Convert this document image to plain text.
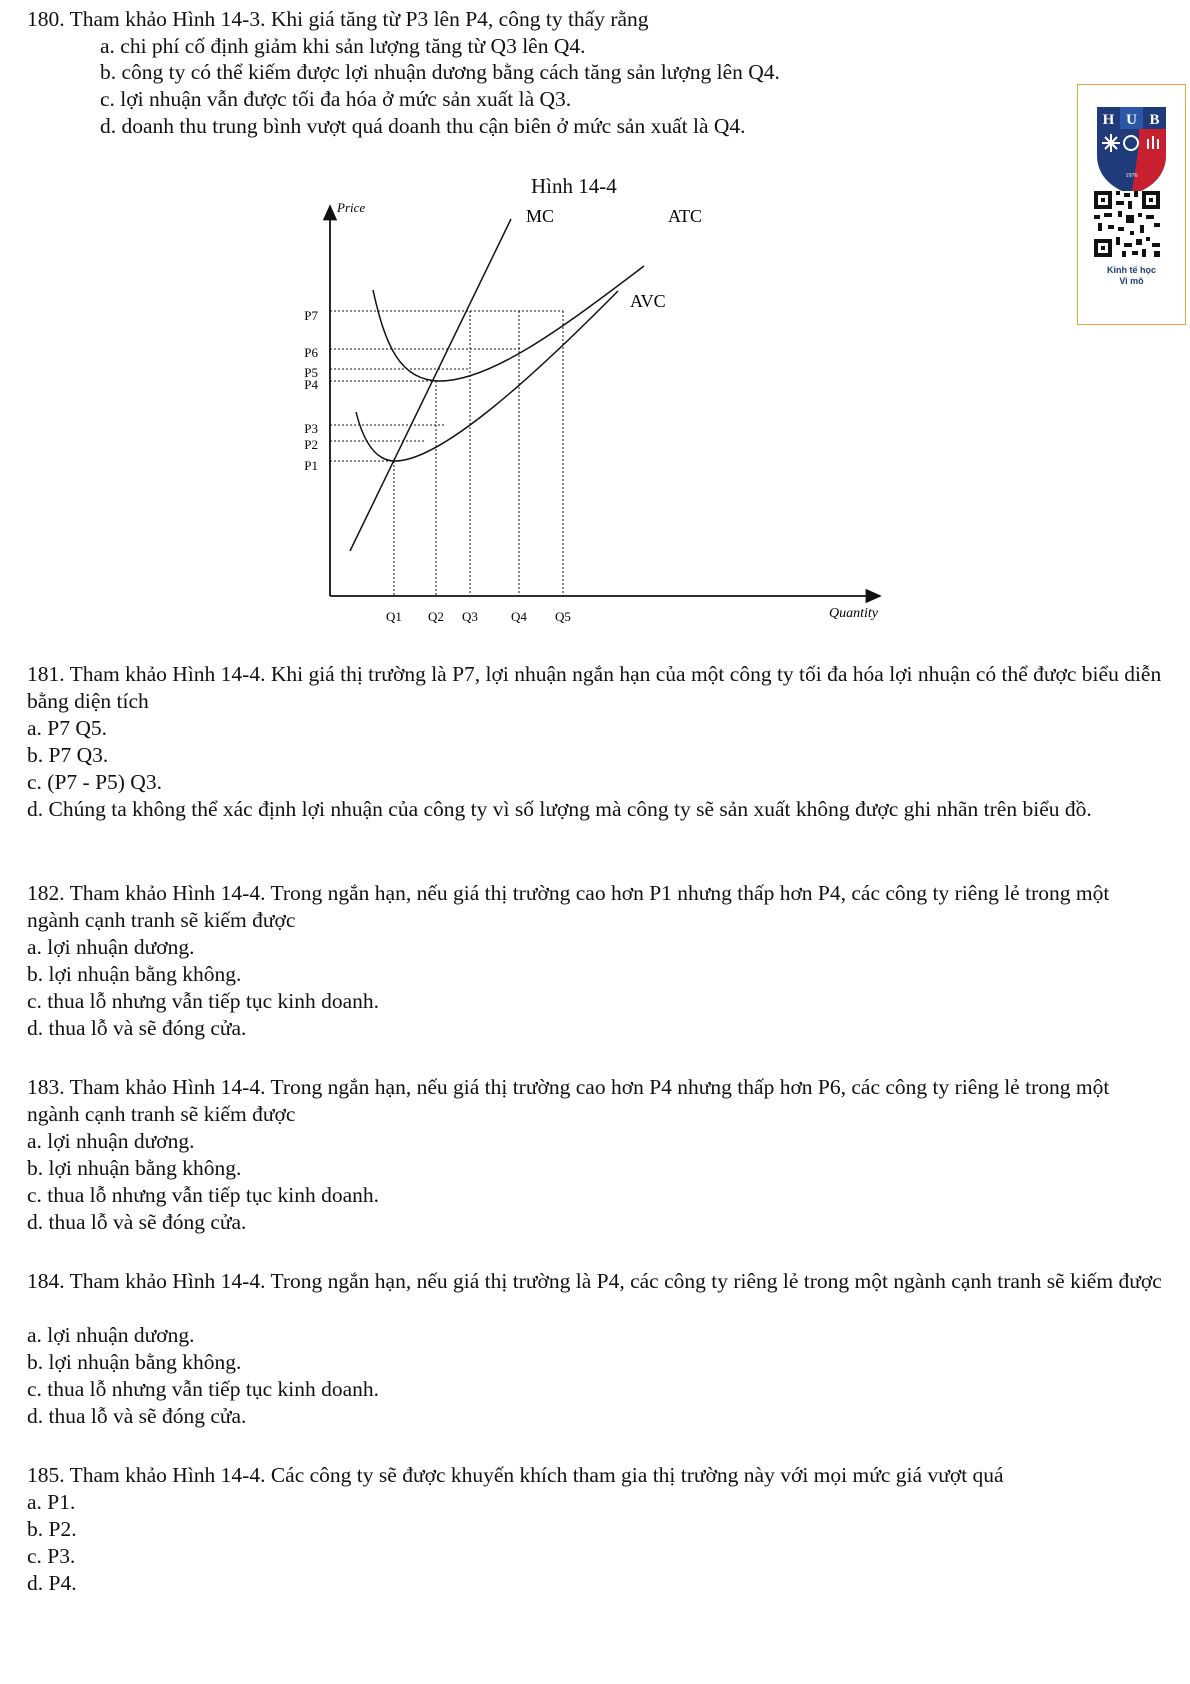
180. Tham khảo Hình 14-3. Khi giá tăng từ P3 lên P4, công ty thấy rằng
a. chi phí cố định giảm khi sản lượng tăng từ Q3 lên Q4.
b. công ty có thể kiếm được lợi nhuận dương bằng cách tăng sản lượng lên Q4.
c. lợi nhuận vẫn được tối đa hóa ở mức sản xuất là Q3.
d. doanh thu trung bình vượt quá doanh thu cận biên ở mức sản xuất là Q4.	H U B
1976
Kinh tế học
Vi mô
Hình 14-4
Price
Quantity
MC	ATC
AVC
P7
P6
P5
P4
P3
P2
P1
Q1 Q2 Q3	Q4 Q5
181. Tham khảo Hình 14-4. Khi giá thị trường là P7, lợi nhuận ngắn hạn của một công ty tối đa hóa lợi nhuận có thể được biểu diễn bằng diện tích
a. P7 Q5.
b. P7 Q3.
c. (P7 - P5) Q3.
d. Chúng ta không thể xác định lợi nhuận của công ty vì số lượng mà công ty sẽ sản xuất không được ghi nhãn trên biểu đồ.
182. Tham khảo Hình 14-4. Trong ngắn hạn, nếu giá thị trường cao hơn P1 nhưng thấp hơn P4, các công ty riêng lẻ trong một ngành cạnh tranh sẽ kiếm được
a. lợi nhuận dương.
b. lợi nhuận bằng không.
c. thua lỗ nhưng vẫn tiếp tục kinh doanh.
d. thua lỗ và sẽ đóng cửa.
183. Tham khảo Hình 14-4. Trong ngắn hạn, nếu giá thị trường cao hơn P4 nhưng thấp hơn P6, các công ty riêng lẻ trong một ngành cạnh tranh sẽ kiếm được
a. lợi nhuận dương.
b. lợi nhuận bằng không.
c. thua lỗ nhưng vẫn tiếp tục kinh doanh.
d. thua lỗ và sẽ đóng cửa.
184. Tham khảo Hình 14-4. Trong ngắn hạn, nếu giá thị trường là P4, các công ty riêng lẻ trong một ngành cạnh tranh sẽ kiếm được
a. lợi nhuận dương.
b. lợi nhuận bằng không.
c. thua lỗ nhưng vẫn tiếp tục kinh doanh.
d. thua lỗ và sẽ đóng cửa.
185. Tham khảo Hình 14-4. Các công ty sẽ được khuyến khích tham gia thị trường này với mọi mức giá vượt quá
a. P1.
b. P2.
c. P3.
d. P4.
